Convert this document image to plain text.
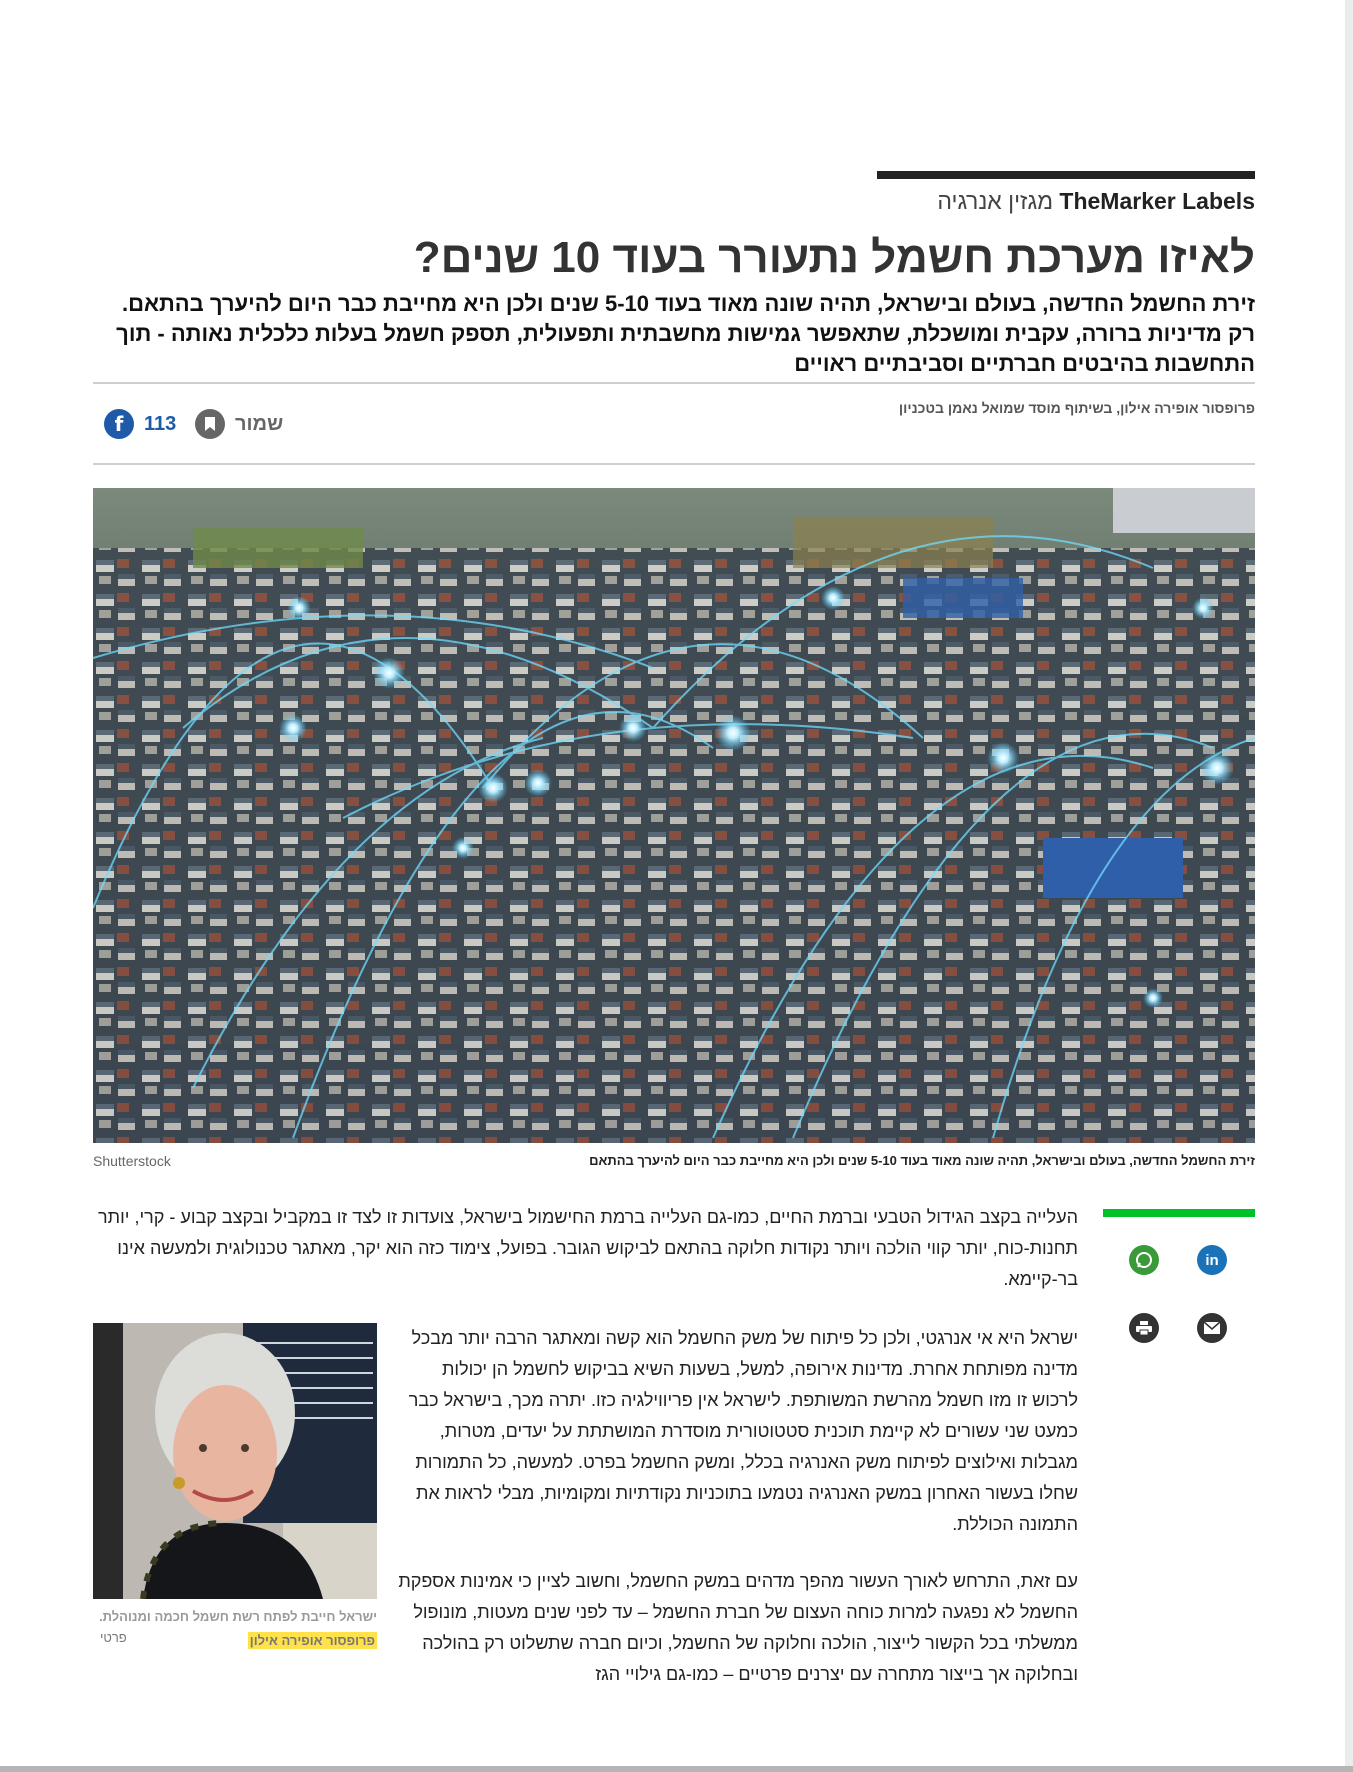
TheMarker Labels מגזין אנרגיה
לאיזו מערכת חשמל נתעורר בעוד 10 שנים?

זירת החשמל החדשה, בעולם ובישראל, תהיה שונה מאוד בעוד 5-10 שנים ולכן היא מחייבת כבר היום להיערך בהתאם. רק מדיניות ברורה, עקבית ומושכלת, שתאפשר גמישות מחשבתית ותפעולית, תספק חשמל בעלות כלכלית נאותה - תוך התחשבות בהיבטים חברתיים וסביבתיים ראויים

פרופסור אופירה אילון, בשיתוף מוסד שמואל נאמן בטכניון
שמור
f	113
זירת החשמל החדשה, בעולם ובישראל, תהיה שונה מאוד בעוד 5-10 שנים ולכן היא מחייבת כבר היום להיערך בהתאם
Shutterstock
in

העלייה בקצב הגידול הטבעי וברמת החיים, כמו-גם העלייה ברמת החישמול בישראל, צועדות זו לצד זו במקביל ובקצב קבוע - קרי, יותר תחנות-כוח, יותר קווי הולכה ויותר נקודות חלוקה בהתאם לביקוש הגובר. בפועל, צימוד כזה הוא יקר, מאתגר טכנולוגית ולמעשה אינו בר-קיימא.

ישראל היא אי אנרגטי, ולכן כל פיתוח של משק החשמל הוא קשה ומאתגר הרבה יותר מבכל מדינה מפותחת אחרת. מדינות אירופה, למשל, בשעות השיא בביקוש לחשמל הן יכולות לרכוש זו מזו חשמל מהרשת המשותפת. לישראל אין פריווילגיה כזו. יתרה מכך, בישראל כבר כמעט שני עשורים לא קיימת תוכנית סטטוטורית מוסדרת המושתתת על יעדים, מטרות, מגבלות ואילוצים לפיתוח משק האנרגיה בכלל, ומשק החשמל בפרט. למעשה, כל התמורות שחלו בעשור האחרון במשק האנרגיה נטמעו בתוכניות נקודתיות ומקומיות, מבלי לראות את התמונה הכוללת.

עם זאת, התרחש לאורך העשור מהפך מדהים במשק החשמל, וחשוב לציין כי אמינות אספקת החשמל לא נפגעה למרות כוחה העצום של חברת החשמל – עד לפני שנים מעטות, מונופול ממשלתי בכל הקשור לייצור, הולכה וחלוקה של החשמל, וכיום חברה שתשלוט רק בהולכה ובחלוקה אך בייצור מתחרה עם יצרנים פרטיים – כמו-גם גילויי הגז

ישראל חייבת לפתח רשת חשמל חכמה ומנוהלת. פרופסור אופירה אילון
פרטי
